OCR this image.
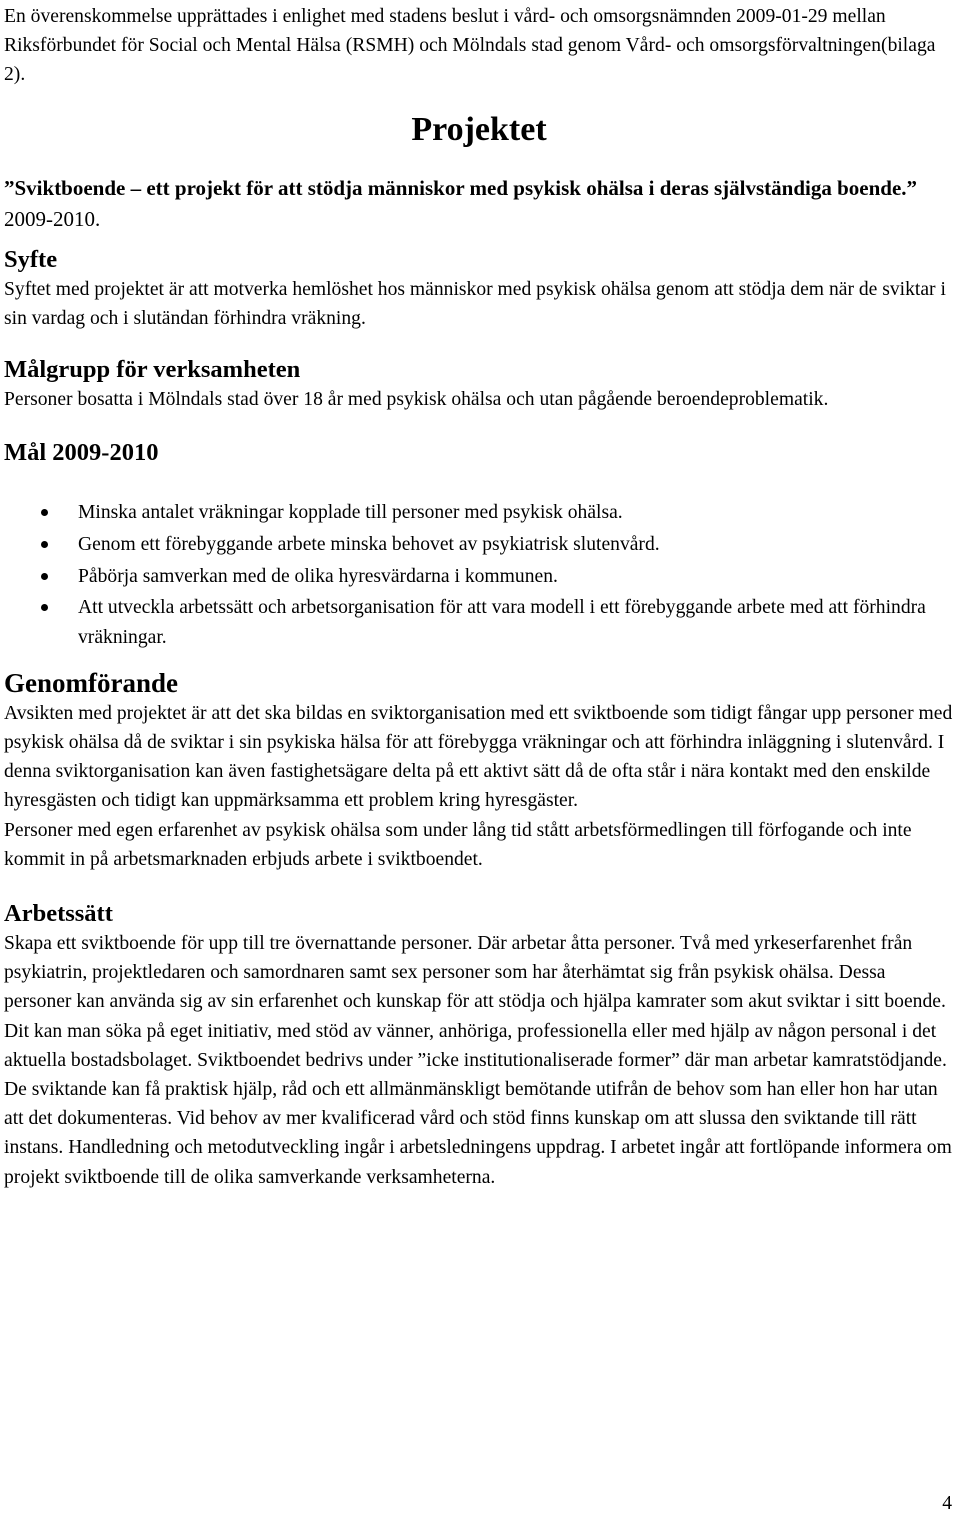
En överenskommelse upprättades i enlighet med stadens beslut i vård- och omsorgsnämnden 2009-01-29 mellan Riksförbundet för Social och Mental Hälsa (RSMH) och Mölndals stad genom Vård- och omsorgsförvaltningen(bilaga 2).

Projektet

”Sviktboende – ett projekt för att stödja människor med psykisk ohälsa i deras självständiga boende.” 2009-2010.

Syfte

Syftet med projektet är att motverka hemlöshet hos människor med psykisk ohälsa genom att stödja dem när de sviktar i sin vardag och i slutändan förhindra vräkning.

Målgrupp för verksamheten

Personer bosatta i Mölndals stad över 18 år med psykisk ohälsa och utan pågående beroendeproblematik.

Mål 2009-2010
Minska antalet vräkningar kopplade till personer med psykisk ohälsa.
Genom ett förebyggande arbete minska behovet av psykiatrisk slutenvård.
Påbörja samverkan med de olika hyresvärdarna i kommunen.
Att utveckla arbetssätt och arbetsorganisation för att vara modell i ett förebyggande arbete med att förhindra vräkningar.
Genomförande

Avsikten med projektet är att det ska bildas en sviktorganisation med ett sviktboende som tidigt fångar upp personer med psykisk ohälsa då de sviktar i sin psykiska hälsa för att förebygga vräkningar och att förhindra inläggning i slutenvård. I denna sviktorganisation kan även fastighetsägare delta på ett aktivt sätt då de ofta står i nära kontakt med den enskilde hyresgästen och tidigt kan uppmärksamma ett problem kring hyresgäster.

Personer med egen erfarenhet av psykisk ohälsa som under lång tid stått arbetsförmedlingen till förfogande och inte kommit in på arbetsmarknaden erbjuds arbete i sviktboendet.

Arbetssätt

Skapa ett sviktboende för upp till tre övernattande personer. Där arbetar åtta personer. Två med yrkeserfarenhet från psykiatrin, projektledaren och samordnaren samt sex personer som har återhämtat sig från psykisk ohälsa. Dessa personer kan använda sig av sin erfarenhet och kunskap för att stödja och hjälpa kamrater som akut sviktar i sitt boende. Dit kan man söka på eget initiativ, med stöd av vänner, anhöriga, professionella eller med hjälp av någon personal i det aktuella bostadsbolaget. Sviktboendet bedrivs under ”icke institutionaliserade former” där man arbetar kamratstödjande. De sviktande kan få praktisk hjälp, råd och ett allmänmänskligt bemötande utifrån de behov som han eller hon har utan att det dokumenteras. Vid behov av mer kvalificerad vård och stöd finns kunskap om att slussa den sviktande till rätt instans. Handledning och metodutveckling ingår i arbetsledningens uppdrag. I arbetet ingår att fortlöpande informera om projekt sviktboende till de olika samverkande verksamheterna.

4
